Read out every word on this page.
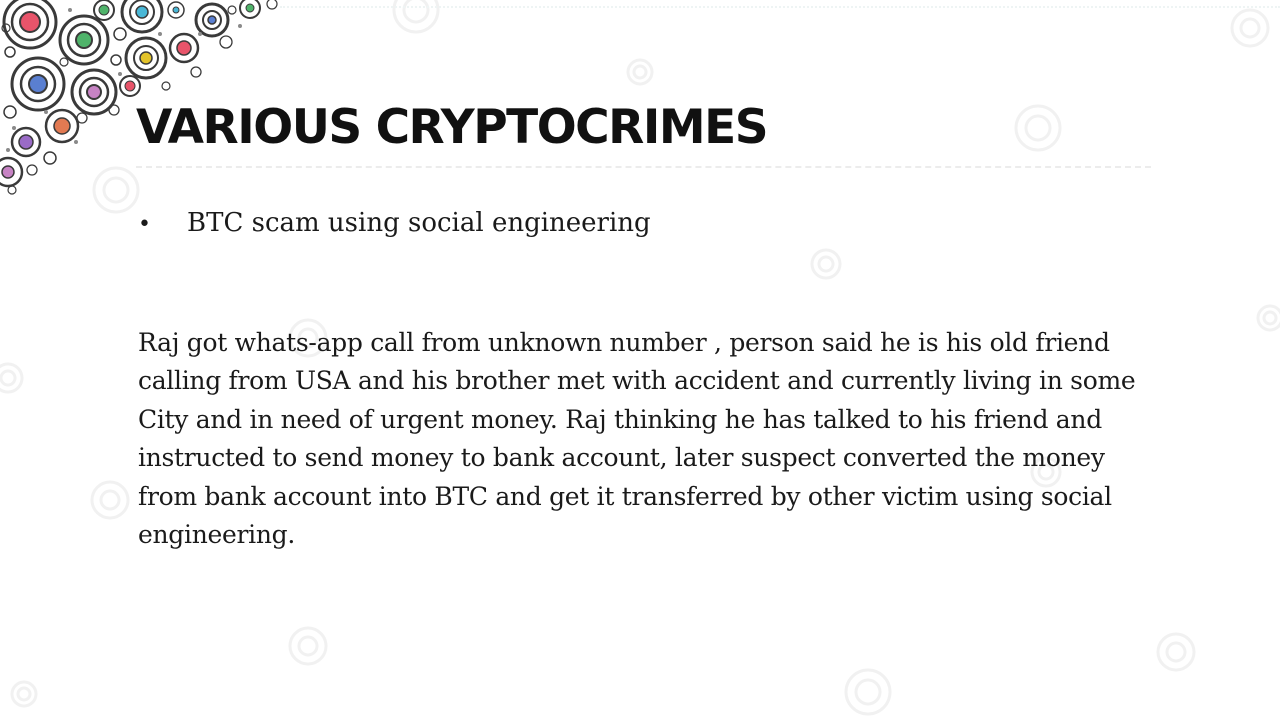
VARIOUS CRYPTOCRIMES
•	BTC scam using social engineering

Raj got whats-app call from unknown number , person said he is his old friend calling from USA and his brother met with accident and currently living in some City and in need of urgent money. Raj thinking he has talked to his friend and instructed to send money to bank account, later suspect converted the money from bank account into BTC and get it transferred by other victim using social engineering.
